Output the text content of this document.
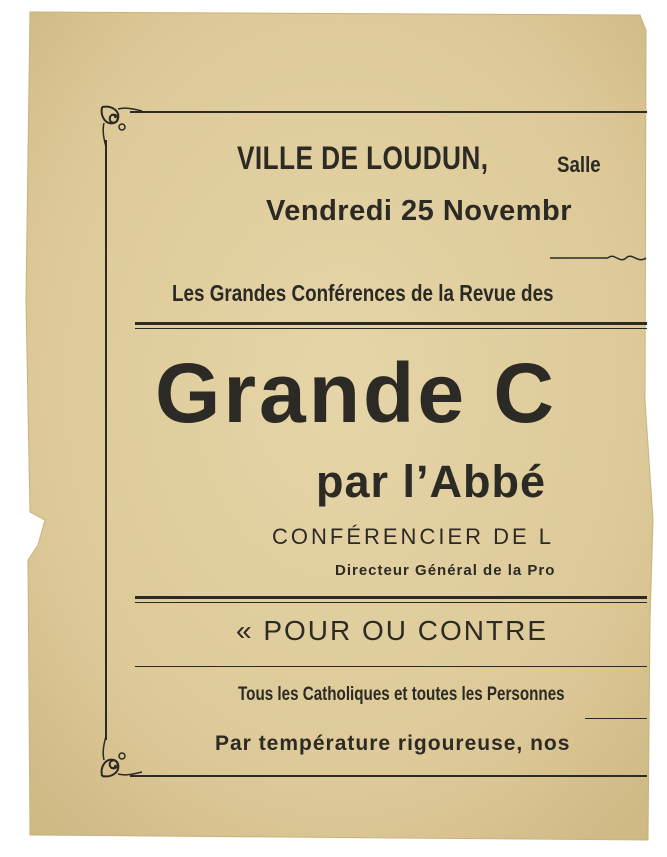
VILLE DE LOUDUN,	Salle
Vendredi 25 Novembr
Les Grandes Conférences de la Revue des
Grande C
par l’Abbé
CONFÉRENCIER DE L
Directeur Général de la Pro
« POUR OU CONTRE
Tous les Catholiques et toutes les Personnes
Par température rigoureuse, nos
